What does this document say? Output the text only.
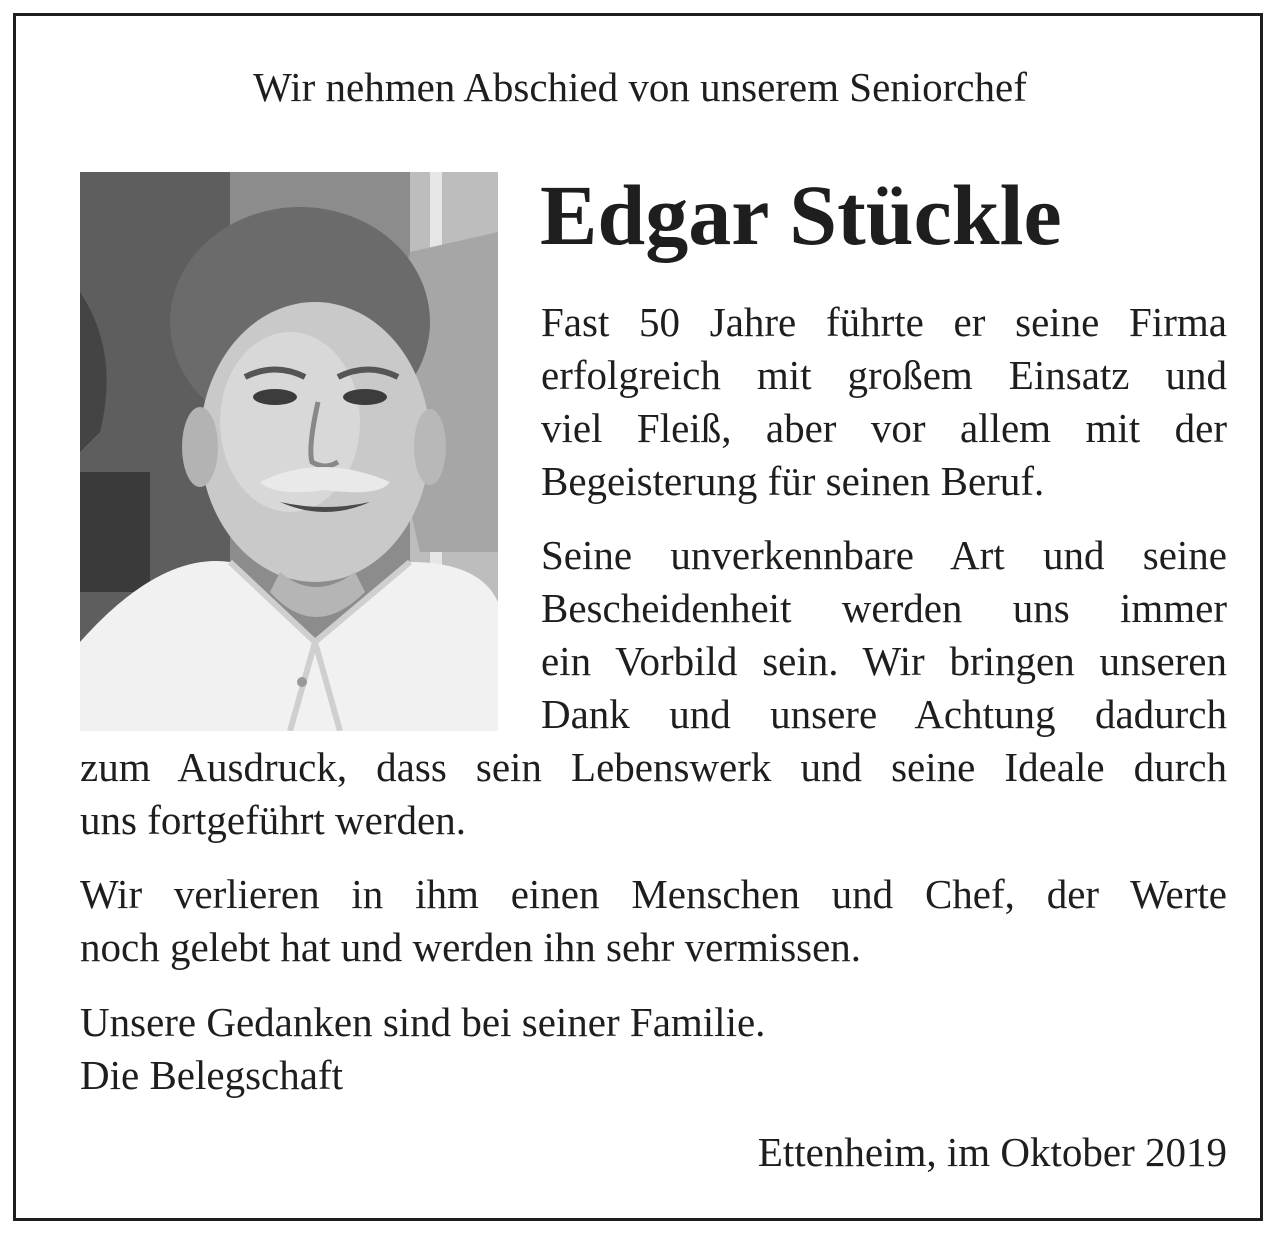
Wir nehmen Abschied von unserem Seniorchef
Edgar Stückle
Fast 50 Jahre führte er seine Firma
erfolgreich mit großem Einsatz und
viel Fleiß, aber vor allem mit der
Begeisterung für seinen Beruf.
Seine unverkennbare Art und seine
Bescheidenheit werden uns immer
ein Vorbild sein. Wir bringen unseren
Dank und unsere Achtung dadurch
zum Ausdruck, dass sein Lebenswerk und seine Ideale durch
uns fortgeführt werden.
Wir verlieren in ihm einen Menschen und Chef, der Werte
noch gelebt hat und werden ihn sehr vermissen.
Unsere Gedanken sind bei seiner Familie.
Die Belegschaft
Ettenheim, im Oktober 2019
